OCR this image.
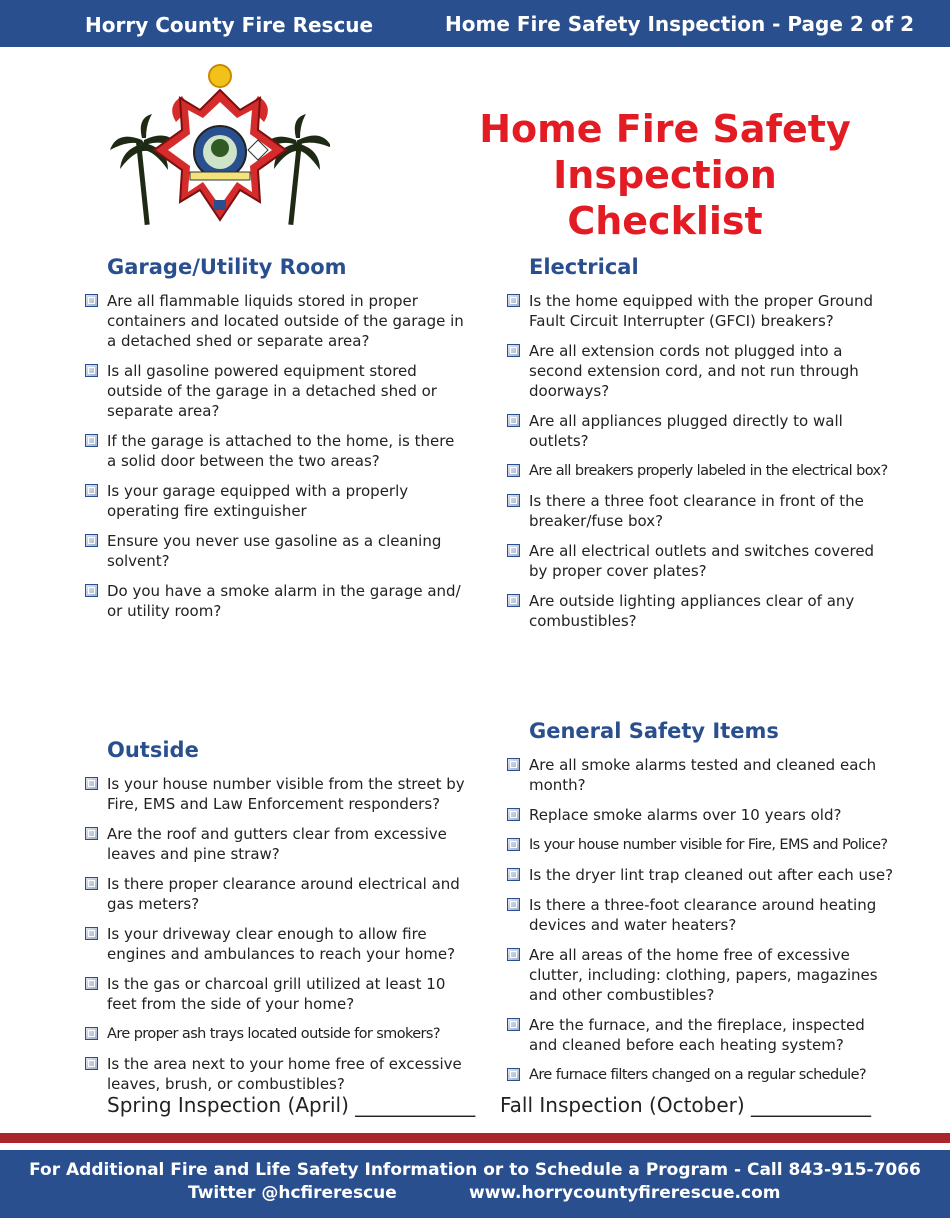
Horry County Fire Rescue	Home Fire Safety Inspection - Page 2 of 2
Home Fire Safety
Inspection Checklist
Garage/Utility Room
Are all flammable liquids stored in proper containers and located outside of the garage in a detached shed or separate area?
Is all gasoline powered equipment stored outside of the garage in a detached shed or separate area?
If the garage is attached to the home, is there a solid door between the two areas?
Is your garage equipped with a properly operating fire extinguisher
Ensure you never use gasoline as a cleaning solvent?
Do you have a smoke alarm in the garage and/ or utility room?
Electrical
Is the home equipped with the proper Ground Fault Circuit Interrupter (GFCI) breakers?
Are all extension cords not plugged into a second extension cord, and not run through doorways?
Are all appliances plugged directly to wall outlets?
Are all breakers properly labeled in the electrical box?
Is there a three foot clearance in front of the breaker/fuse box?
Are all electrical outlets and switches covered by proper cover plates?
Are outside lighting appliances clear of any combustibles?
Outside
Is your house number visible from the street by Fire, EMS and Law Enforcement responders?
Are the roof and gutters clear from excessive leaves and pine straw?
Is there proper clearance around electrical and gas meters?
Is your driveway clear enough to allow fire engines and ambulances to reach your home?
Is the gas or charcoal grill utilized at least 10 feet from the side of your home?
Are proper ash trays located outside for smokers?
Is the area next to your home free of excessive leaves, brush, or combustibles?
General Safety Items
Are all smoke alarms tested and cleaned each month?
Replace smoke alarms over 10 years old?
Is your house number visible for Fire, EMS and Police?
Is the dryer lint trap cleaned out after each use?
Is there a three-foot clearance around heating devices and water heaters?
Are all areas of the home free of excessive clutter, including: clothing, papers, magazines and other combustibles?
Are the furnace, and the fireplace, inspected and cleaned before each heating system?
Are furnace filters changed on a regular schedule?
Spring Inspection (April) ____________ Fall Inspection (October) ____________
For Additional Fire and Life Safety Information or to Schedule a Program - Call 843-915-7066
Twitter @hcfirerescue	www.horrycountyfirerescue.com
